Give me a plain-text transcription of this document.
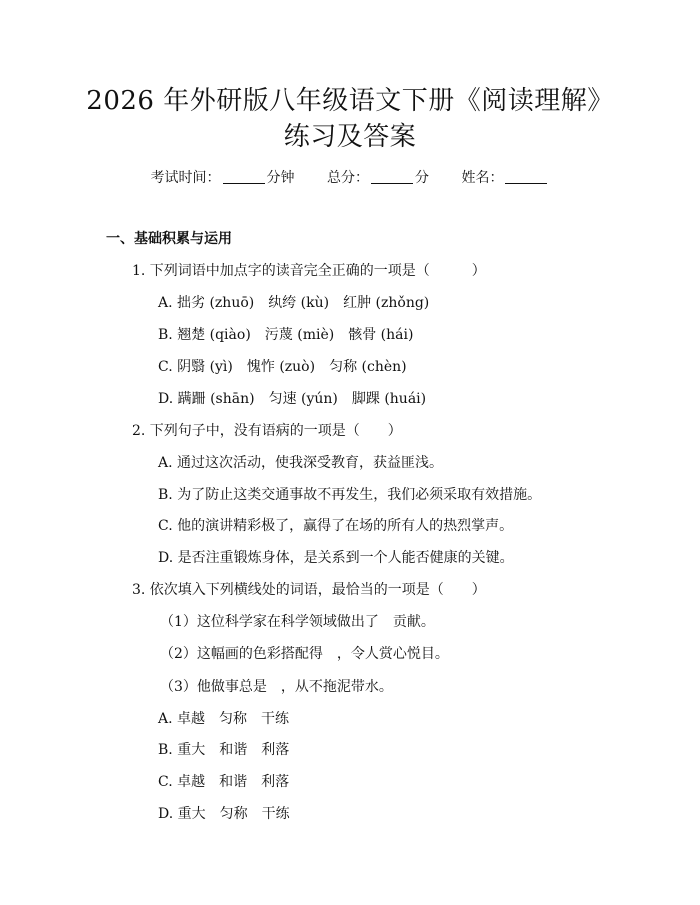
2026 年外研版八年级语文下册《阅读理解》
练习及答案
考试时间：	分钟 总分：	分 姓名：
一、基础积累与运用
1. 下列词语中加点字的读音完全正确的一项是（　　　）
A. 拙劣 (zhuō)　纨绔 (kù)　红肿 (zhǒng)
B. 翘楚 (qiào)　污蔑 (miè)　骸骨 (hái)
C. 阴翳 (yì)　愧怍 (zuò)　匀称 (chèn)
D. 蹒跚 (shān)　匀速 (yún)　脚踝 (huái)
2. 下列句子中，没有语病的一项是（　　）
A. 通过这次活动，使我深受教育，获益匪浅。
B. 为了防止这类交通事故不再发生，我们必须采取有效措施。
C. 他的演讲精彩极了，赢得了在场的所有人的热烈掌声。
D. 是否注重锻炼身体，是关系到一个人能否健康的关键。
3. 依次填入下列横线处的词语，最恰当的一项是（　　）
（1）这位科学家在科学领域做出了　贡献。
（2）这幅画的色彩搭配得　，令人赏心悦目。
（3）他做事总是　，从不拖泥带水。
A. 卓越　匀称　干练
B. 重大　和谐　利落
C. 卓越　和谐　利落
D. 重大　匀称　干练
